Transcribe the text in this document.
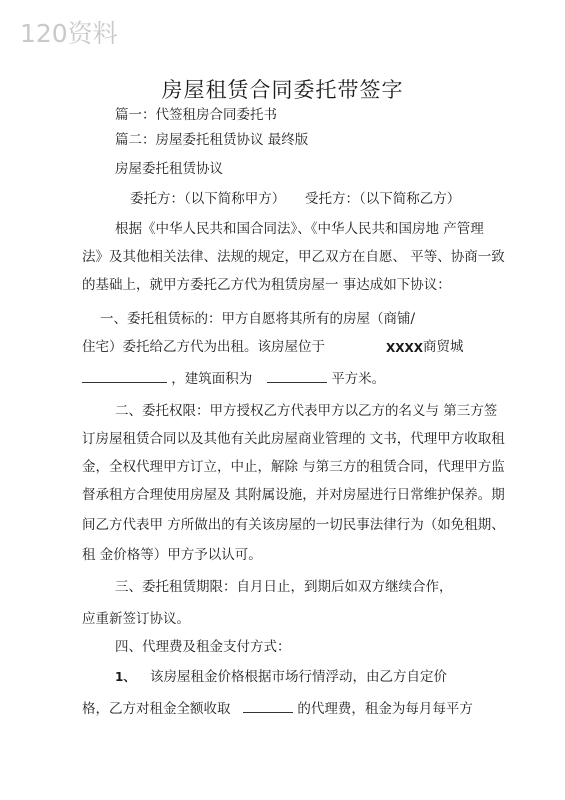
120资料
房屋租赁合同委托带签字
篇一：代签租房合同委托书
篇二：房屋委托租赁协议 最终版
房屋委托租赁协议
委托方：（以下简称甲方） 受托方：（以下简称乙方）
根据《中华人民共和国合同法》、《中华人民共和国房地 产管理
法》及其他相关法律、法规的规定，甲乙双方在自愿、 平等、协商一致
的基础上，就甲方委托乙方代为租赁房屋一 事达成如下协议：
一、委托租赁标的：甲方自愿将其所有的房屋（商铺/
住宅）委托给乙方代为出租。该房屋位于	XXXX 商贸城
，建筑面积为	平方米。
二、委托权限：甲方授权乙方代表甲方以乙方的名义与 第三方签
订房屋租赁合同以及其他有关此房屋商业管理的 文书，代理甲方收取租
金，全权代理甲方订立，中止，解除 与第三方的租赁合同，代理甲方监
督承租方合理使用房屋及 其附属设施，并对房屋进行日常维护保养。期
间乙方代表甲 方所做出的有关该房屋的一切民事法律行为（如免租期、
租 金价格等）甲方予以认可。
三、委托租赁期限：自月日止，到期后如双方继续合作，
应重新签订协议。
四、代理费及租金支付方式：
1、 该房屋租金价格根据市场行情浮动，由乙方自定价
格，乙方对租金全额收取	的代理费，租金为每月每平方
